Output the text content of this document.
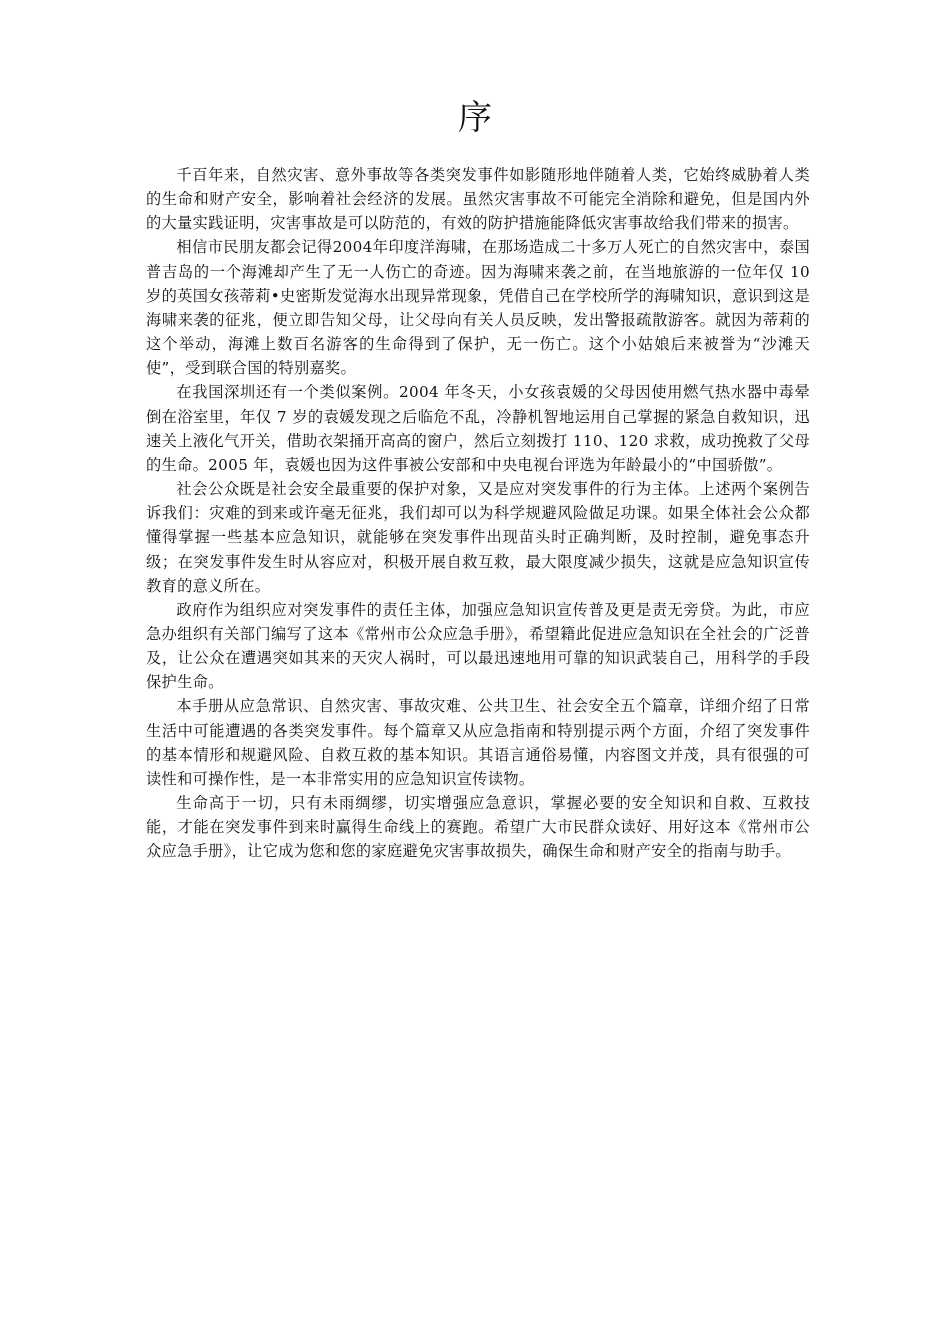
序

千百年来，自然灾害、意外事故等各类突发事件如影随形地伴随着人类，它始终威胁着人类的生命和财产安全，影响着社会经济的发展。虽然灾害事故不可能完全消除和避免，但是国内外的大量实践证明，灾害事故是可以防范的，有效的防护措施能降低灾害事故给我们带来的损害。

相信市民朋友都会记得2004年印度洋海啸，在那场造成二十多万人死亡的自然灾害中，泰国普吉岛的一个海滩却产生了无一人伤亡的奇迹。因为海啸来袭之前，在当地旅游的一位年仅 10 岁的英国女孩蒂莉•史密斯发觉海水出现异常现象，凭借自己在学校所学的海啸知识，意识到这是海啸来袭的征兆，便立即告知父母，让父母向有关人员反映，发出警报疏散游客。就因为蒂莉的这个举动，海滩上数百名游客的生命得到了保护，无一伤亡。这个小姑娘后来被誉为“沙滩天使”，受到联合国的特别嘉奖。

在我国深圳还有一个类似案例。2004 年冬天，小女孩袁媛的父母因使用燃气热水器中毒晕倒在浴室里，年仅 7 岁的袁媛发现之后临危不乱，冷静机智地运用自己掌握的紧急自救知识，迅速关上液化气开关，借助衣架捅开高高的窗户，然后立刻拨打 110、120 求救，成功挽救了父母的生命。2005 年，袁媛也因为这件事被公安部和中央电视台评选为年龄最小的“中国骄傲”。

社会公众既是社会安全最重要的保护对象，又是应对突发事件的行为主体。上述两个案例告诉我们：灾难的到来或许毫无征兆，我们却可以为科学规避风险做足功课。如果全体社会公众都懂得掌握一些基本应急知识，就能够在突发事件出现苗头时正确判断，及时控制，避免事态升级；在突发事件发生时从容应对，积极开展自救互救，最大限度减少损失，这就是应急知识宣传教育的意义所在。

政府作为组织应对突发事件的责任主体，加强应急知识宣传普及更是责无旁贷。为此，市应急办组织有关部门编写了这本《常州市公众应急手册》，希望籍此促进应急知识在全社会的广泛普及，让公众在遭遇突如其来的天灾人祸时，可以最迅速地用可靠的知识武装自己，用科学的手段保护生命。

本手册从应急常识、自然灾害、事故灾难、公共卫生、社会安全五个篇章，详细介绍了日常生活中可能遭遇的各类突发事件。每个篇章又从应急指南和特别提示两个方面，介绍了突发事件的基本情形和规避风险、自救互救的基本知识。其语言通俗易懂，内容图文并茂，具有很强的可读性和可操作性，是一本非常实用的应急知识宣传读物。

生命高于一切，只有未雨绸缪，切实增强应急意识，掌握必要的安全知识和自救、互救技能，才能在突发事件到来时赢得生命线上的赛跑。希望广大市民群众读好、用好这本《常州市公众应急手册》，让它成为您和您的家庭避免灾害事故损失，确保生命和财产安全的指南与助手。
